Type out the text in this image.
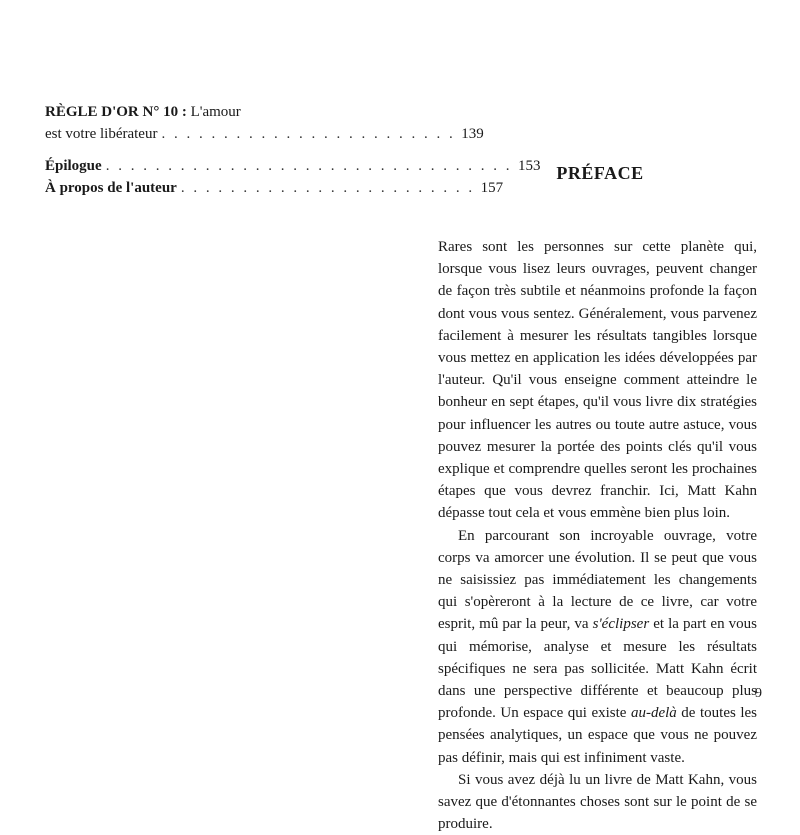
RÈGLE D'OR N° 10 : L'amour
est votre libérateur . . . . . . . . . . . . . . . . . . . . . . . . 139
Épilogue . . . . . . . . . . . . . . . . . . . . . . . . . . . . . . . . . 153
À propos de l'auteur . . . . . . . . . . . . . . . . . . . . . . . . 157
PRÉFACE

Rares sont les personnes sur cette planète qui, lorsque vous lisez leurs ouvrages, peuvent changer de façon très subtile et néanmoins profonde la façon dont vous vous sentez. Généralement, vous parvenez facilement à mesurer les résultats tangibles lorsque vous mettez en application les idées développées par l'auteur. Qu'il vous enseigne comment atteindre le bonheur en sept étapes, qu'il vous livre dix stratégies pour influencer les autres ou toute autre astuce, vous pouvez mesurer la portée des points clés qu'il vous explique et comprendre quelles seront les prochaines étapes que vous devrez franchir. Ici, Matt Kahn dépasse tout cela et vous emmène bien plus loin.

En parcourant son incroyable ouvrage, votre corps va amorcer une évolution. Il se peut que vous ne saisissiez pas immédiatement les changements qui s'opèreront à la lecture de ce livre, car votre esprit, mû par la peur, va s'éclipser et la part en vous qui mémorise, analyse et mesure les résultats spécifiques ne sera pas sollicitée. Matt Kahn écrit dans une perspective différente et beaucoup plus profonde. Un espace qui existe au-delà de toutes les pensées analytiques, un espace que vous ne pouvez pas définir, mais qui est infiniment vaste.

Si vous avez déjà lu un livre de Matt Kahn, vous savez que d'étonnantes choses sont sur le point de se produire.

9
